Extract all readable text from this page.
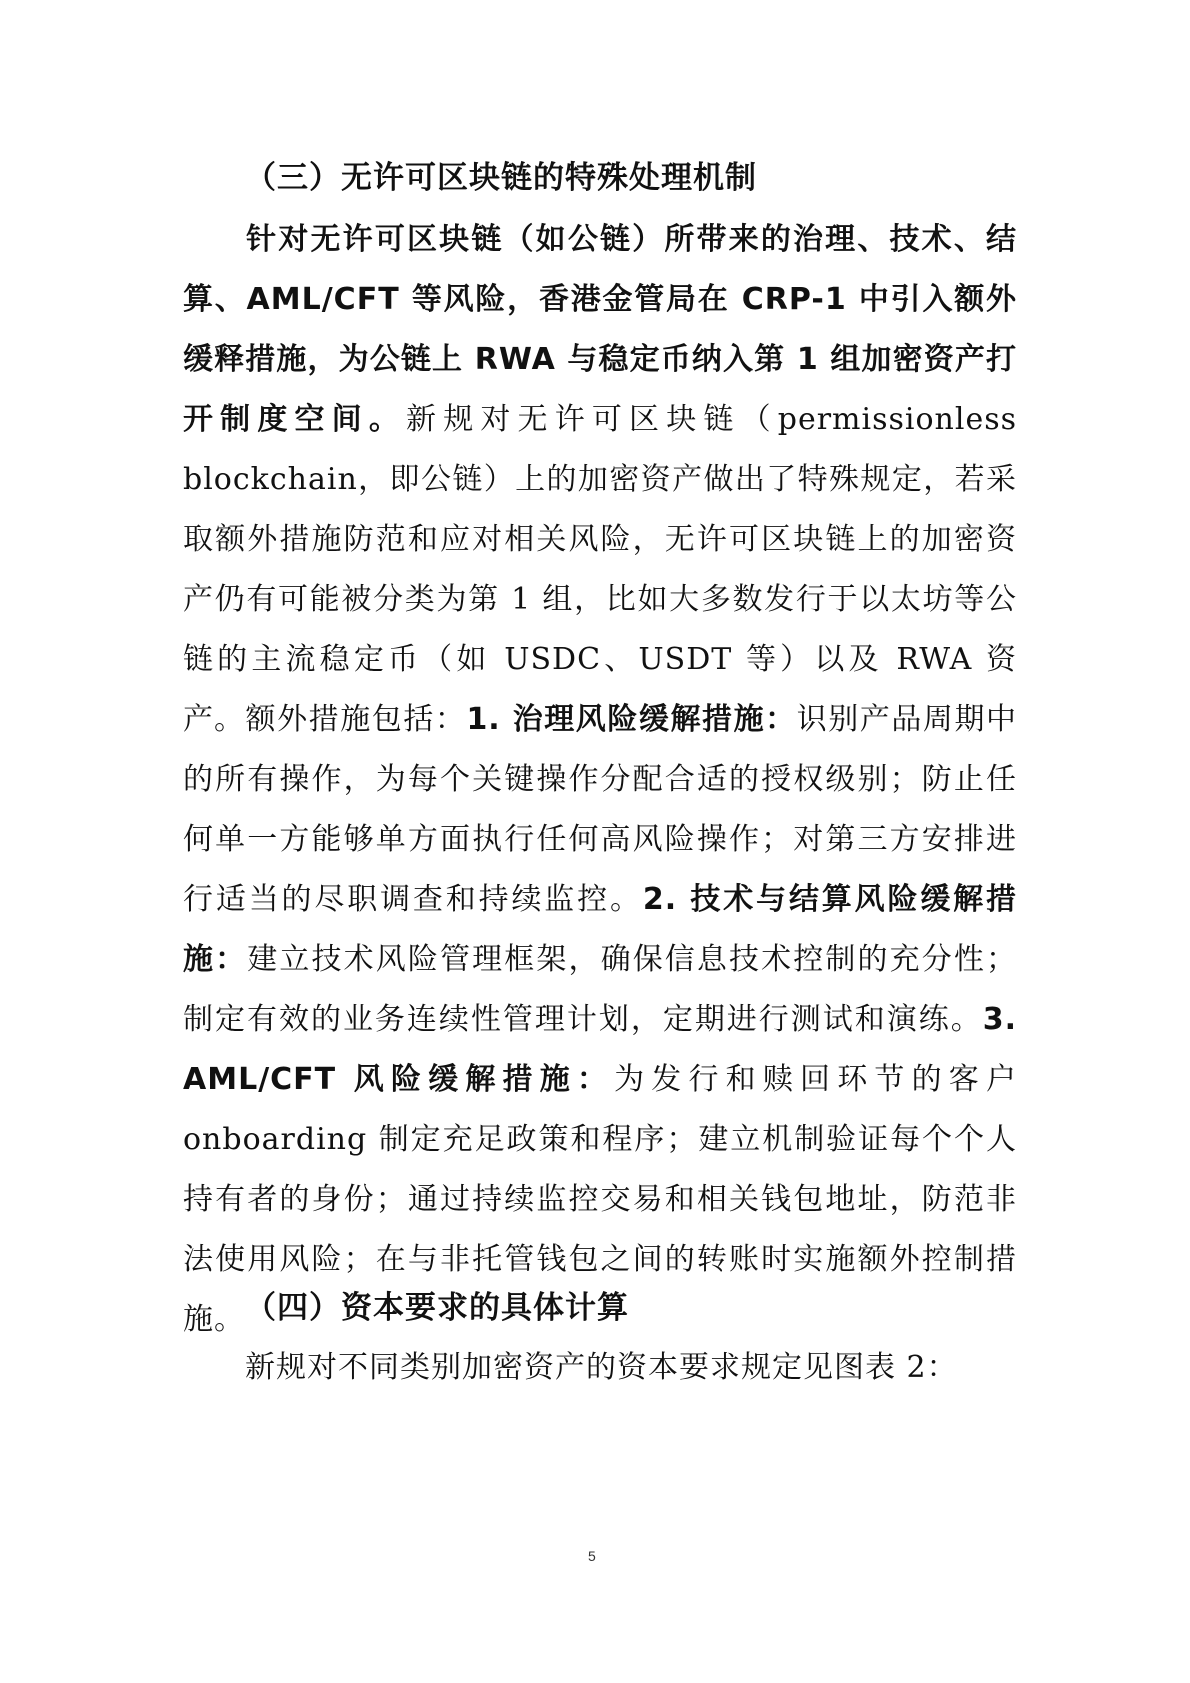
（三）无许可区块链的特殊处理机制

针对无许可区块链（如公链）所带来的治理、技术、结算、AML/CFT 等风险，香港金管局在 CRP-1 中引入额外缓释措施，为公链上 RWA 与稳定币纳入第 1 组加密资产打开制度空间。新规对无许可区块链（permissionless blockchain，即公链）上的加密资产做出了特殊规定，若采取额外措施防范和应对相关风险，无许可区块链上的加密资产仍有可能被分类为第 1 组，比如大多数发行于以太坊等公链的主流稳定币（如 USDC、USDT 等）以及 RWA 资产。 额外措施包括：1. 治理风险缓解措施：识别产品周期中的所有操作，为每个关键操作分配合适的授权级别；防止任何单一方能够单方面执行任何高风险操作；对第三方安排进行适当的尽职调查和持续监控。2. 技术与结算风险缓解措施：建立技术风险管理框架，确保信息技术控制的充分性；制定有效的业务连续性管理计划，定期进行测试和演练。3. AML/CFT 风险缓解措施：为发行和赎回环节的客户 onboarding 制定充足政策和程序；建立机制验证每个个人持有者的身份；通过持续监控交易和相关钱包地址，防范非法使用风险；在与非托管钱包之间的转账时实施额外控制措施。 （四）资本要求的具体计算

新规对不同类别加密资产的资本要求规定见图表 2：

5
